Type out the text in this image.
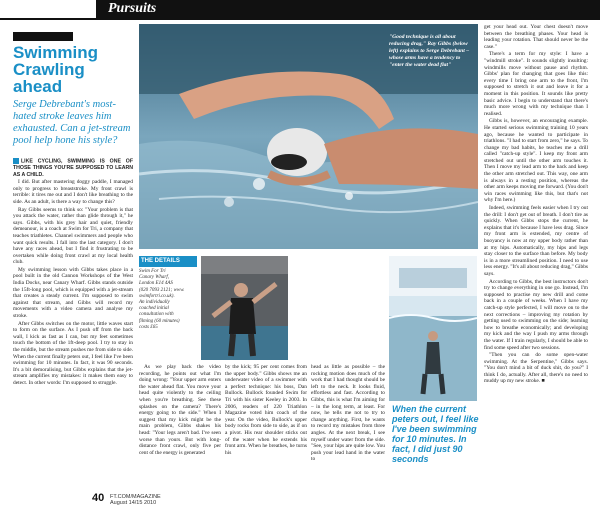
Pursuits
Swimming Crawling ahead

Serge Debrebant's most-hated stroke leaves him exhausted. Can a jet-stream pool help hone his style?

LIKE CYCLING, SWIMMING IS ONE OF THOSE THINGS YOU'RE SUPPOSED TO LEARN AS A CHILD.

I did. But after mastering doggy paddle, I managed only to progress to breaststroke. My front crawl is terrible: it tires me out and I don't like breathing to the side. As an adult, is there a way to change this?

Ray Gibbs seems to think so: "Your problem is that you attack the water, rather than glide through it," he says. Gibbs, with his grey hair and quiet, friendly demeanour, is a coach at Swim for Tri, a company that teaches triathletes. Channel swimmers and people who want quick results. I fall into the last category. I don't have any races ahead, but I find it frustrating to be overtaken while doing front crawl at my local health club.

My swimming lesson with Gibbs takes place in a pool built in the old Cannon Workshops of the West India Docks, near Canary Wharf. Gibbs stands outside the 15ft-long pool, which is equipped with a jet-stream that creates a steady current. I'm supposed to swim against that stream, and Gibbs will record my movements with a video camera and analyse my stroke.

After Gibbs switches on the motor, little waves start to form on the surface. As I push off from the back wall, I kick as fast as I can, but my feet sometimes touch the bottom of the 1ft-deep pool. I try to stay in the middle, but the stream pushes me from side to side. When the current finally peters out, I feel like I've been swimming for 10 minutes. In fact, it was 90 seconds. It's a bit demoralising, but Gibbs explains that the jet-stream amplifies my mistakes: it makes them easy to detect. In other words: I'm supposed to struggle.

"Good technique is all about reducing drag," Ray Gibbs (below left) explains to Serge Debrebant – whose arms have a tendency to "enter the water dead flat"

get your head out. Your chest doesn't move between the breathing phases. Your head is leading your rotation. That should never be the case."

There's a term for my style: I have a "windmill stroke". It sounds slightly insulting: windmills move without pause and rhythm. Gibbs' plan for changing that goes like this: every time I bring one arm to the front, I'm supposed to stretch it out and leave it for a moment in this position. It sounds like pretty basic advice. I begin to understand that there's much more wrong with my technique than I realised.

Gibbs is, however, an encouraging example. He started serious swimming training 10 years ago, because he wanted to participate in triathlons. "I had to start from zero," he says. To change my bad habits, he teaches me a drill called "catch-up style". I keep my front arm stretched out until the other arm touches it. Then I move my lead arm to the back and keep the other arm stretched out. This way, one arm is always in a resting position, whereas the other arm keeps moving me forward. (You don't win races swimming like this, but that's not why I'm here.)

Indeed, swimming feels easier when I try out the drill: I don't get out of breath. I don't tire as quickly. When Gibbs stops the current, he explains that it's because I have less drag. Since my front arm is extended, my centre of buoyancy is now at my upper body rather than at my hips. Automatically, my hips and legs stay closer to the surface than before. My body is in a more streamlined position. I need to use less energy. "It's all about reducing drag," Gibbs says.

According to Gibbs, the best instructors don't try to change everything in one go. Instead, I'm supposed to practise my new drill and come back in a couple of weeks. When I have my catch-up style perfected, I will move on to the next corrections – improving my rotation by getting used to swimming on the side; learning how to breathe economically; and developing my kick and the way I push my arms through the water. If I train regularly, I should be able to find some speed after two sessions.

"Then you can do some open-water swimming. At the Serpentine," Gibbs says. "You don't mind a bit of duck shit, do you?" I think I do, actually. After all, there's no need to muddy up my new stroke. ■

THE DETAILS

Swim For Tri

Canary Wharf,

London E14 4AS

(020 7093 2121; www.

swimfortri.co.uk).

An individually

coached initial

consultation with

filming (60 minutes)

costs £65

As we play back the video recording, he points out what I'm doing wrong: "Your upper arm enters the water ahead flat. You move your head quite violently to the ceiling when you're breathing. See these splashes on the camera? There's energy going to the side." When I suggest that my kick might be the main problem, Gibbs shakes his head: "Your legs aren't bad. I've seen worse than yours. But with long-distance front crawl, only five per cent of the energy is generated

by the kick; 95 per cent comes from the upper body." Gibbs shows me an underwater video of a swimmer with a perfect technique: his boss, Dan Bullock. Bullock founded Swim for Tri with his sister Keeley in 2003. In 2006, readers of 220 Triathlon Magazine voted him coach of the year. On the video, Bullock's upper body rocks from side to side, as if on a pivot. His rear shoulder sticks out of the water when he extends his front arm. When he breathes, he turns his

head as little as possible – the rocking motion does much of the work that I had thought should be left to the neck. It looks fluid, effortless and fast. According to Gibbs, this is what I'm aiming for – in the long term, at least. For now, he tells me not to try to change anything. First, he wants to record my mistakes from three angles. At the next break, I see myself under water from the side. "See, your hips are quite low. You push your lead hand in the water to

When the current peters out, I feel like I've been swimming for 10 minutes. In fact, I did just 90 seconds

40 FT.COM/MAGAZINE
August 14/15 2010
